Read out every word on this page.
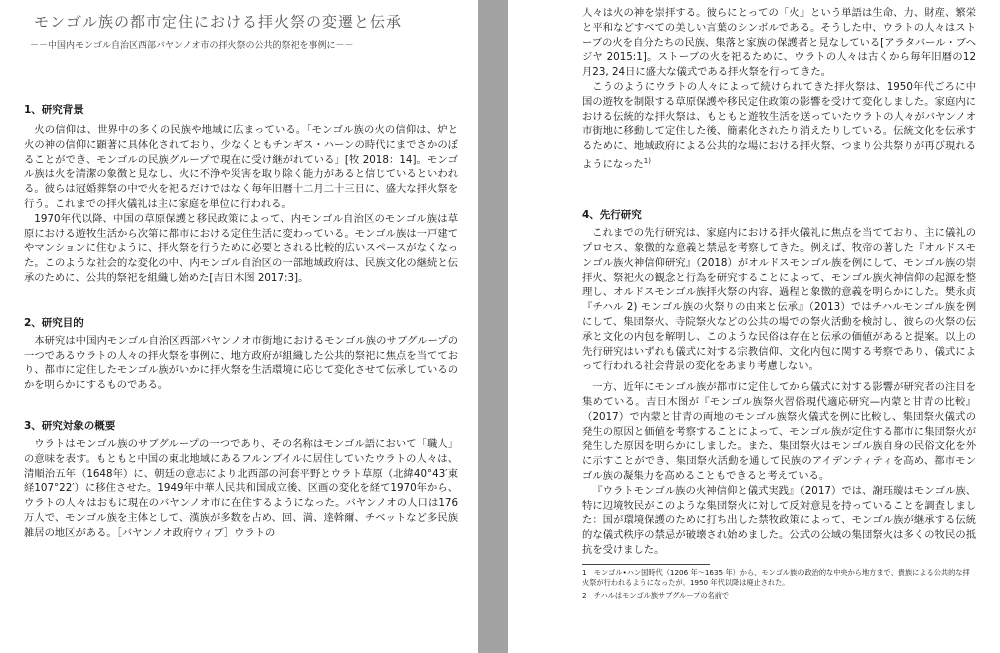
モンゴル族の都市定住における拝火祭の変遷と伝承
－－中国内モンゴル自治区西部バヤンノオ市の拝火祭の公共的祭祀を事例に－－
1、研究背景

火の信仰は、世界中の多くの民族や地域に広まっている。「モンゴル族の火の信仰は、炉と火の神の信仰に顕著に具体化されており、少なくともチンギス・ハーンの時代にまでさかのぼることができ、モンゴルの民族グループで現在に受け継がれている」[牧 2018：14]。モンゴル族は火を清潔の象徴と見なし、火に不浄や災害を取り除く能力があると信じているといわれる。彼らは冠婚葬祭の中で火を祀るだけではなく毎年旧暦十二月二十三日に、盛大な拝火祭を行う。これまでの拝火儀礼は主に家庭を単位に行われる。

1970年代以降、中国の草原保護と移民政策によって、内モンゴル自治区のモンゴル族は草原における遊牧生活から次第に都市における定住生活に変わっている。モンゴル族は一戸建てやマンションに住むように、拝火祭を行うために必要とされる比較的広いスペースがなくなった。このような社会的な変化の中、内モンゴル自治区の一部地域政府は、民族文化の継続と伝承のために、公共的祭祀を組織し始めた[吉日木图 2017:3]。

2、研究目的

本研究は中国内モンゴル自治区西部バヤンノオ市街地におけるモンゴル族のサブグループの一つであるウラトの人々の拝火祭を事例に、地方政府が組織した公共的祭祀に焦点を当てており、都市に定住したモンゴル族がいかに拝火祭を生活環境に応じて変化させて伝承しているのかを明らかにするものである。

3、研究対象の概要

ウラトはモンゴル族のサブグループの一つであり、その名称はモンゴル語において「職人」の意味を表す。もともと中国の東北地域にあるフルンブイルに居住していたウラトの人々は、清順治五年（1648年）に、朝廷の意志により北西部の河套平野とウラト草原（北緯40°43′東経107°22′）に移住させた。1949年中華人民共和国成立後、区画の変化を経て1970年から、ウラトの人々はおもに現在のバヤンノオ市に在住するようになった。バヤンノオの人口は176万人で、モンゴル族を主体として、漢族が多数を占め、回、満、達斡爾、チベットなど多民族雑居の地区がある。［バヤンノオ政府ウィブ］ウラトの

人々は火の神を崇拝する。彼らにとっての「火」という単語は生命、力、財産、繁栄と平和などすべての美しい言葉のシンボルである。そうした中、ウラトの人々はストーブの火を自分たちの民族、集落と家族の保護者と見なしている[アラタバール・ブヘジヤ 2015:1]。ストーブの火を祀るために、ウラトの人々は古くから毎年旧暦の12月23, 24日に盛大な儀式である拝火祭を行ってきた。

こうのようにウラトの人々によって続けられてきた拝火祭は、1950年代ごろに中国の遊牧を制限する草原保護や移民定住政策の影響を受けて変化しました。家庭内における伝統的な拝火祭は、もともと遊牧生活を送っていたウラトの人々がバヤンノオ市街地に移動して定住した後、簡素化されたり消えたりしている。伝統文化を伝承するために、地域政府による公共的な場における拝火祭、つまり公共祭りが再び現れるようになった$^{1)}$

4、先行研究

これまでの先行研究は、家庭内における拝火儀礼に焦点を当てており、主に儀礼のプロセス、象徴的な意義と禁忌を考察してきた。例えば、牧帝の著した『オルドスモンゴル族火神信仰研究』（2018）がオルドスモンゴル族を例にして、モンゴル族の崇拝火、祭祀火の観念と行為を研究することによって、モンゴル族火神信仰の起源を整理し、オルドスモンゴル族拝火祭の内容、過程と象徴的意義を明らかにした。樊永贞『チハル 2) モンゴル族の火祭りの由来と伝承』（2013）ではチハルモンゴル族を例にして、集団祭火、寺院祭火などの公共の場での祭火活動を検討し、彼らの火祭の伝承と文化の内包を解明し、このような民俗は存在と伝承の価値があると提案。以上の先行研究はいずれも儀式に対する宗教信仰、文化内包に関する考察であり、儀式によって行われる社会背景の変化をあまり考慮しない。

一方、近年にモンゴル族が都市に定住してから儀式に対する影響が研究者の注目を集めている。吉日木图が『モンゴル族祭火習俗現代適応研究—内蒙と甘青の比較』（2017）で内蒙と甘青の両地のモンゴル族祭火儀式を例に比較し、集団祭火儀式の発生の原因と価値を考察することによって、モンゴル族が定住する都市に集団祭火が発生した原因を明らかにしました。また、集団祭火はモンゴル族自身の民俗文化を外に示すことができ、集団祭火活動を通して民族のアイデンティティを高め、都市モンゴル族の凝集力を高めることもできると考えている。

『ウラトモンゴル族の火神信仰と儀式実践』（2017）では、謝珏璇はモンゴル族、特に辺境牧民がこのような集団祭火に対して反対意見を持っていることを調査しました：国が環境保護のために打ち出した禁牧政策によって、モンゴル族が継承する伝統的な儀式秩序の禁忌が破壊され始めました。公式の公域の集団祭火は多くの牧民の抵抗を受けました。

1　モンゴル•ハン国時代（1206 年〜1635 年）から、モンゴル族の政治的な中央から地方まで、貴族による公共的な拝火祭が行われるようになったが、1950 年代以降は廃止された。

2　チハルはモンゴル族サブグループの名前で
